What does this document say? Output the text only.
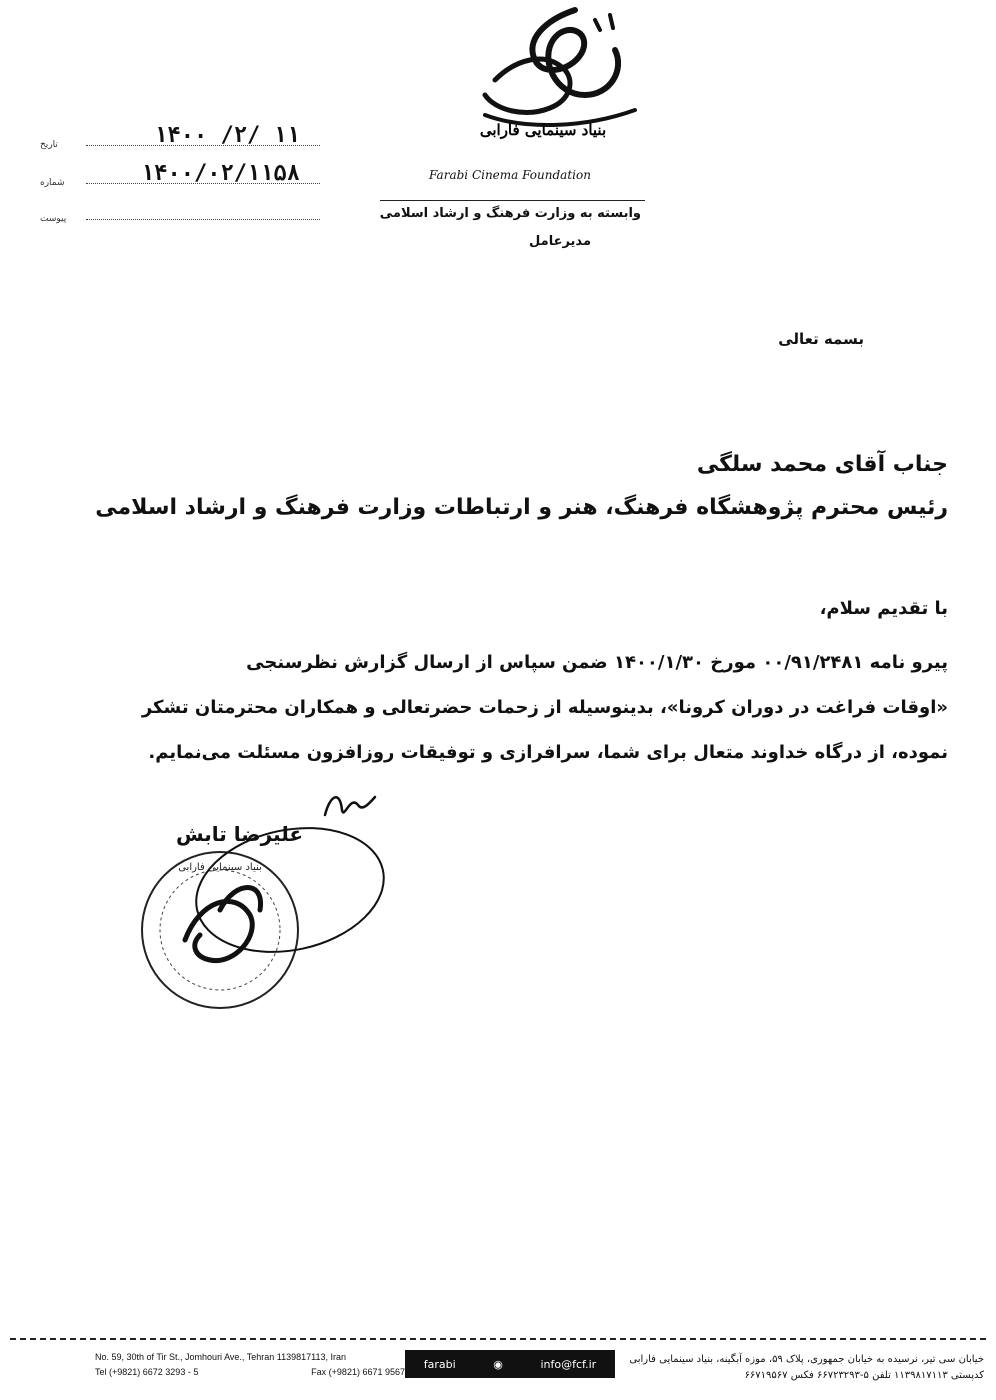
بنیاد سینمایی فارابی
Farabi Cinema Foundation
وابسته به وزارت فرهنگ و ارشاد اسلامی
مدیرعامل
تاریخ	۱۴۰۰ /۲/ ۱۱
شماره	۱۴۰۰/۰۲/۱۱۵۸
پیوست
بسمه تعالی
جناب آقای محمد سلگی
رئیس محترم پژوهشگاه فرهنگ، هنر و ارتباطات وزارت فرهنگ و ارشاد اسلامی
با تقدیم سلام،

پیرو نامه ۰۰/۹۱/۲۴۸۱ مورخ ۱۴۰۰/۱/۳۰ ضمن سپاس از ارسال گزارش نظرسنجی

«اوقات فراغت در دوران کرونا»، بدینوسیله از زحمات حضرتعالی و همکاران محترمتان تشکر

نموده، از درگاه خداوند متعال برای شما، سرافرازی و توفیقات روزافزون مسئلت می‌نمایم.

علیرضا تابش
بنیاد سینمایی فارابی
No. 59, 30th of Tir St., Jomhouri Ave., Tehran 1139817113, Iran
Tel (+9821) 6672 3293 - 5	Fax (+9821) 6671 9567
farabi	◉	info@fcf.ir	خیابان سی تیر، نرسیده به خیابان جمهوری، پلاک ۵۹، موزه آبگینه، بنیاد سینمایی فارابی
کدپستی ۱۱۳۹۸۱۷۱۱۳ تلفن ۵-۶۶۷۲۳۲۹۳ فکس ۶۶۷۱۹۵۶۷
